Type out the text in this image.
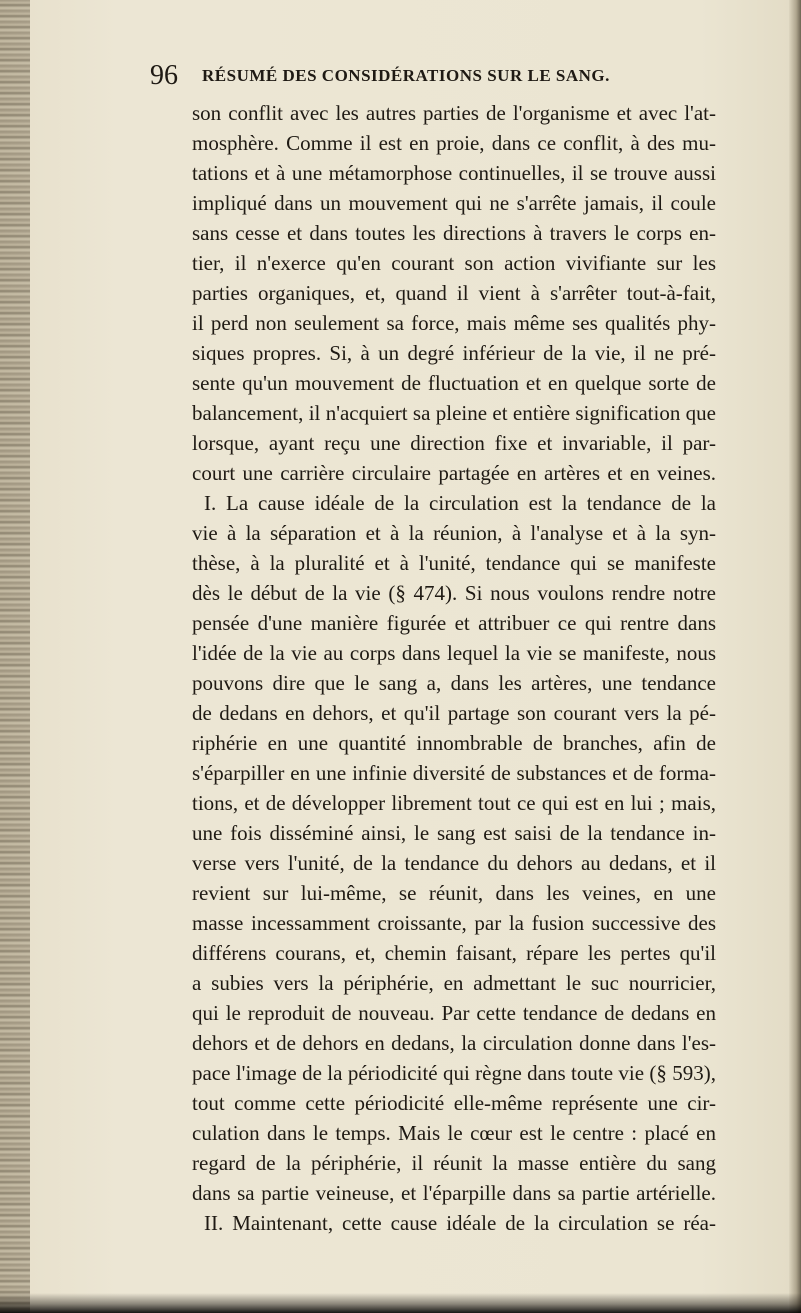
96 RÉSUMÉ DES CONSIDÉRATIONS SUR LE SANG.
son conflit avec les autres parties de l'organisme et avec l'at-
mosphère. Comme il est en proie, dans ce conflit, à des mu-
tations et à une métamorphose continuelles, il se trouve aussi
impliqué dans un mouvement qui ne s'arrête jamais, il coule
sans cesse et dans toutes les directions à travers le corps en-
tier, il n'exerce qu'en courant son action vivifiante sur les
parties organiques, et, quand il vient à s'arrêter tout-à-fait,
il perd non seulement sa force, mais même ses qualités phy-
siques propres. Si, à un degré inférieur de la vie, il ne pré-
sente qu'un mouvement de fluctuation et en quelque sorte de
balancement, il n'acquiert sa pleine et entière signification que
lorsque, ayant reçu une direction fixe et invariable, il par-
court une carrière circulaire partagée en artères et en veines.
I. La cause idéale de la circulation est la tendance de la
vie à la séparation et à la réunion, à l'analyse et à la syn-
thèse, à la pluralité et à l'unité, tendance qui se manifeste
dès le début de la vie (§ 474). Si nous voulons rendre notre
pensée d'une manière figurée et attribuer ce qui rentre dans
l'idée de la vie au corps dans lequel la vie se manifeste, nous
pouvons dire que le sang a, dans les artères, une tendance
de dedans en dehors, et qu'il partage son courant vers la pé-
riphérie en une quantité innombrable de branches, afin de
s'éparpiller en une infinie diversité de substances et de forma-
tions, et de développer librement tout ce qui est en lui ; mais,
une fois disséminé ainsi, le sang est saisi de la tendance in-
verse vers l'unité, de la tendance du dehors au dedans, et il
revient sur lui-même, se réunit, dans les veines, en une
masse incessamment croissante, par la fusion successive des
différens courans, et, chemin faisant, répare les pertes qu'il
a subies vers la périphérie, en admettant le suc nourricier,
qui le reproduit de nouveau. Par cette tendance de dedans en
dehors et de dehors en dedans, la circulation donne dans l'es-
pace l'image de la périodicité qui règne dans toute vie (§ 593),
tout comme cette périodicité elle-même représente une cir-
culation dans le temps. Mais le cœur est le centre : placé en
regard de la périphérie, il réunit la masse entière du sang
dans sa partie veineuse, et l'éparpille dans sa partie artérielle.
II. Maintenant, cette cause idéale de la circulation se réa-
